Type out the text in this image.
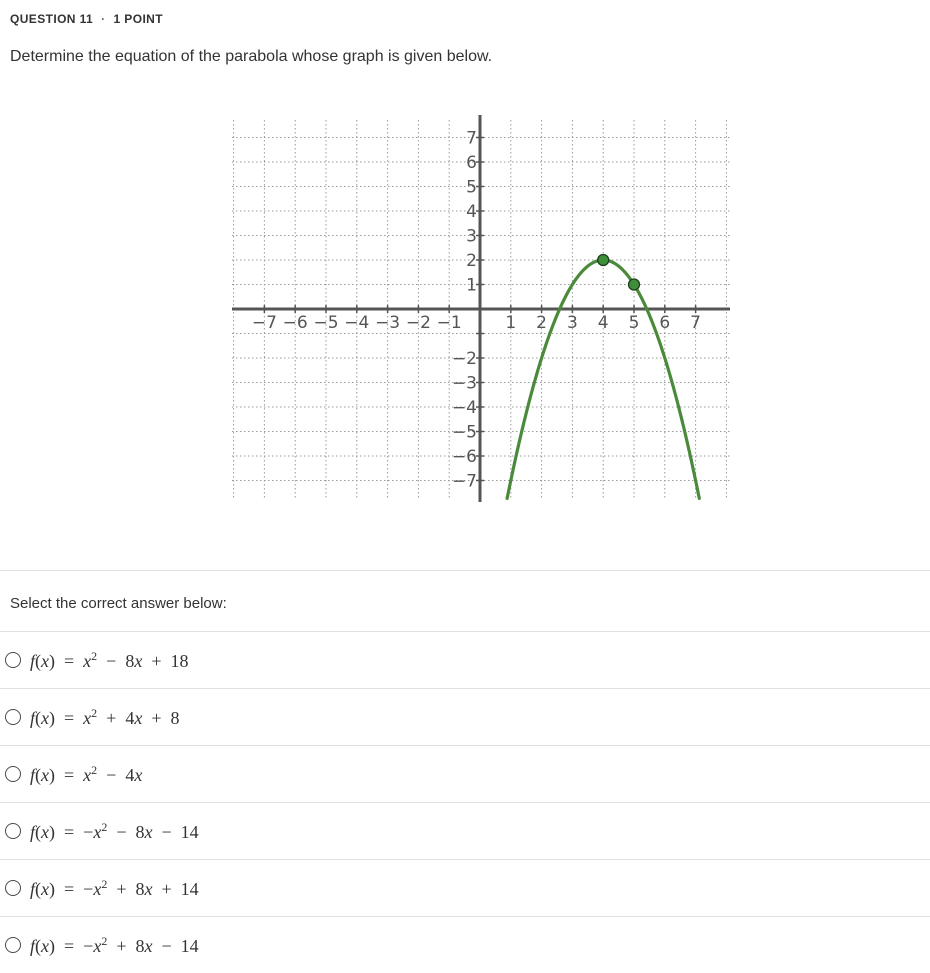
QUESTION 11 · 1 POINT
Determine the equation of the parabola whose graph is given below.
−7 −6 −5 −4 −3 −2 −1	1 2 3 4 5 6 7
−7
−6
−5
−4
−3
−2
1
2
3
4
5
6
7
Select the correct answer below:
$f(x) = x^2 - 8x + 18$
$f(x) = x^2 + 4x + 8$
$f(x) = x^2 - 4x$
$f(x) = -x^2 - 8x - 14$
$f(x) = -x^2 + 8x + 14$
$f(x) = -x^2 + 8x - 14$
